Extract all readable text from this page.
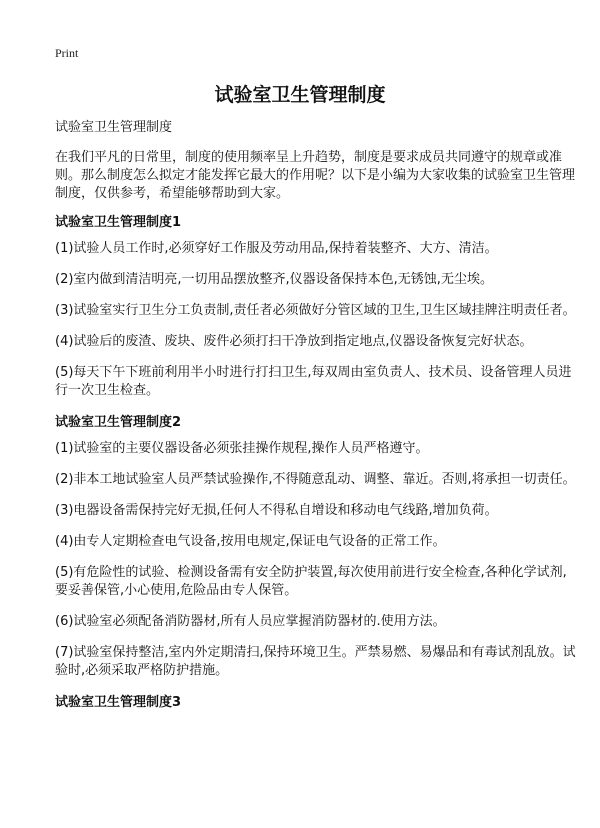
Print
试验室卫生管理制度
试验室卫生管理制度
在我们平凡的日常里，制度的使用频率呈上升趋势，制度是要求成员共同遵守的规章或准则。那么制度怎么拟定才能发挥它最大的作用呢？以下是小编为大家收集的试验室卫生管理制度，仅供参考，希望能够帮助到大家。
试验室卫生管理制度1
(1)试验人员工作时,必须穿好工作服及劳动用品,保持着装整齐、大方、清洁。
(2)室内做到清洁明亮,一切用品摆放整齐,仪器设备保持本色,无锈蚀,无尘埃。
(3)试验室实行卫生分工负责制,责任者必须做好分管区域的卫生,卫生区域挂牌注明责任者。
(4)试验后的废渣、废块、废件必须打扫干净放到指定地点,仪器设备恢复完好状态。
(5)每天下午下班前利用半小时进行打扫卫生,每双周由室负责人、技术员、设备管理人员进行一次卫生检查。
试验室卫生管理制度2
(1)试验室的主要仪器设备必须张挂操作规程,操作人员严格遵守。
(2)非本工地试验室人员严禁试验操作,不得随意乱动、调整、靠近。否则,将承担一切责任。
(3)电器设备需保持完好无损,任何人不得私自增设和移动电气线路,增加负荷。
(4)由专人定期检查电气设备,按用电规定,保证电气设备的正常工作。
(5)有危险性的试验、检测设备需有安全防护装置,每次使用前进行安全检查,各种化学试剂,要妥善保管,小心使用,危险品由专人保管。
(6)试验室必须配备消防器材,所有人员应掌握消防器材的.使用方法。
(7)试验室保持整洁,室内外定期清扫,保持环境卫生。严禁易燃、易爆品和有毒试剂乱放。试验时,必须采取严格防护措施。
试验室卫生管理制度3
